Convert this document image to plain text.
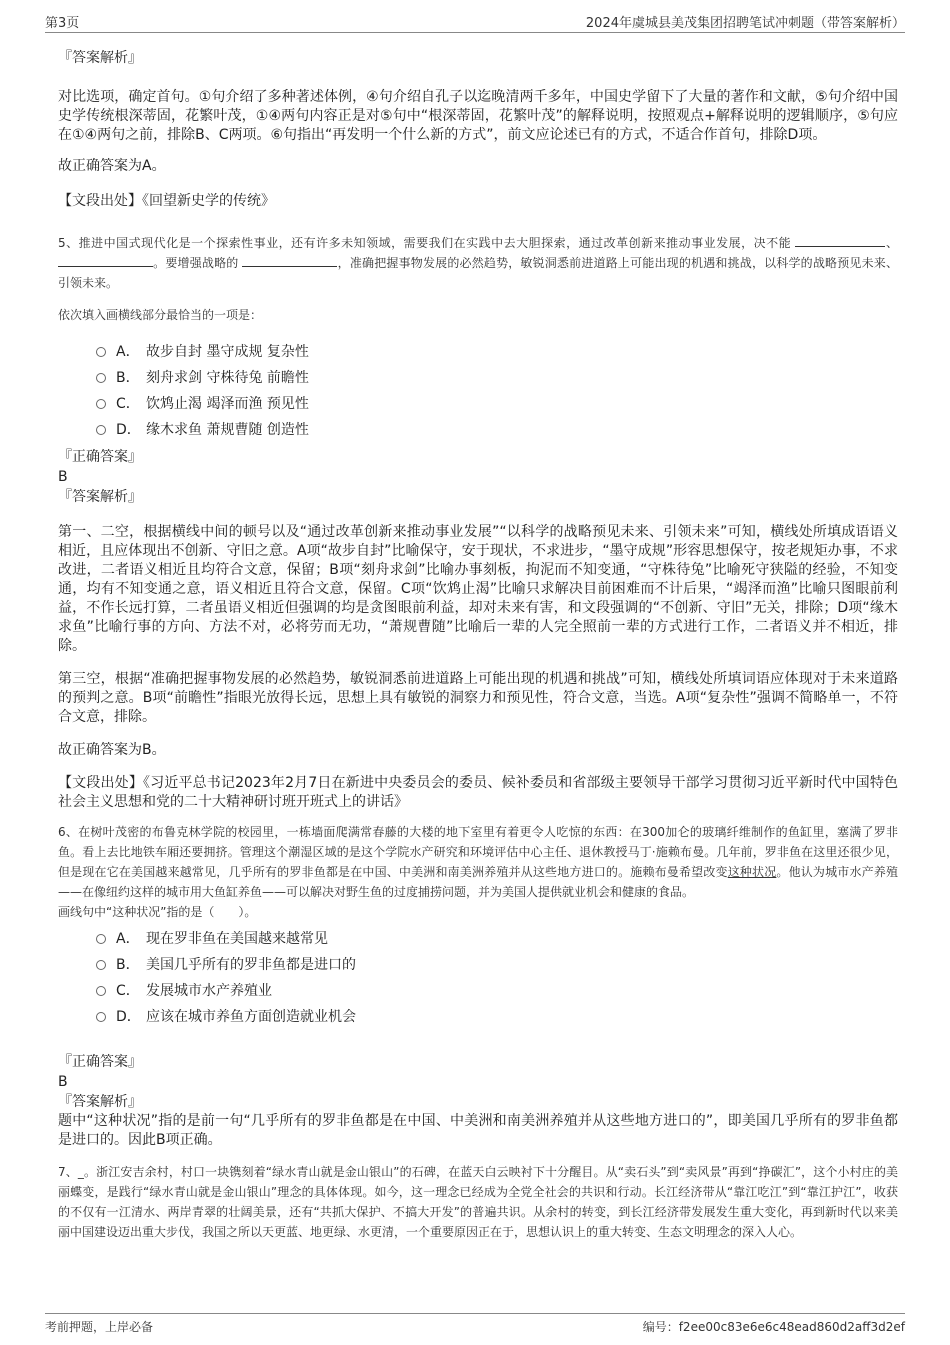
第3页	2024年虞城县美茂集团招聘笔试冲刺题（带答案解析）

『答案解析』

对比选项，确定首句。①句介绍了多种著述体例，④句介绍自孔子以迄晚清两千多年，中国史学留下了大量的著作和文献，⑤句介绍中国史学传统根深蒂固，花繁叶茂，①④两句内容正是对⑤句中“根深蒂固，花繁叶茂”的解释说明，按照观点+解释说明的逻辑顺序，⑤句应在①④两句之前，排除B、C两项。⑥句指出“再发明一个什么新的方式”，前文应论述已有的方式，不适合作首句，排除D项。

故正确答案为A。

【文段出处】《回望新史学的传统》

5、推进中国式现代化是一个探索性事业，还有许多未知领域，需要我们在实践中去大胆探索，通过改革创新来推动事业发展，决不能	、 。要增强战略的	，准确把握事物发展的必然趋势，敏锐洞悉前进道路上可能出现的机遇和挑战，以科学的战略预见未来、引领未来。

依次填入画横线部分最恰当的一项是：

A． 故步自封 墨守成规 复杂性
B． 刻舟求剑 守株待兔 前瞻性
C． 饮鸩止渴 竭泽而渔 预见性
D． 缘木求鱼 萧规曹随 创造性

『正确答案』

B

『答案解析』

第一、二空，根据横线中间的顿号以及“通过改革创新来推动事业发展”“以科学的战略预见未来、引领未来”可知，横线处所填成语语义相近，且应体现出不创新、守旧之意。A项“故步自封”比喻保守，安于现状，不求进步，“墨守成规”形容思想保守，按老规矩办事，不求改进，二者语义相近且均符合文意，保留；B项“刻舟求剑”比喻办事刻板，拘泥而不知变通，“守株待兔”比喻死守狭隘的经验，不知变通，均有不知变通之意，语义相近且符合文意，保留。C项“饮鸩止渴”比喻只求解决目前困难而不计后果，“竭泽而渔”比喻只图眼前利益，不作长远打算，二者虽语义相近但强调的均是贪图眼前利益，却对未来有害，和文段强调的“不创新、守旧”无关，排除；D项“缘木求鱼”比喻行事的方向、方法不对，必将劳而无功，“萧规曹随”比喻后一辈的人完全照前一辈的方式进行工作，二者语义并不相近，排除。

第三空，根据“准确把握事物发展的必然趋势，敏锐洞悉前进道路上可能出现的机遇和挑战”可知，横线处所填词语应体现对于未来道路的预判之意。B项“前瞻性”指眼光放得长远，思想上具有敏锐的洞察力和预见性，符合文意，当选。A项“复杂性”强调不简略单一，不符合文意，排除。

故正确答案为B。

【文段出处】《习近平总书记2023年2月7日在新进中央委员会的委员、候补委员和省部级主要领导干部学习贯彻习近平新时代中国特色社会主义思想和党的二十大精神研讨班开班式上的讲话》

6、在树叶茂密的布鲁克林学院的校园里，一栋墙面爬满常春藤的大楼的地下室里有着更令人吃惊的东西：在300加仑的玻璃纤维制作的鱼缸里，塞满了罗非鱼。看上去比地铁车厢还要拥挤。管理这个潮湿区域的是这个学院水产研究和环境评估中心主任、退休教授马丁·施赖布曼。几年前，罗非鱼在这里还很少见，但是现在它在美国越来越常见，几乎所有的罗非鱼都是在中国、中美洲和南美洲养殖并从这些地方进口的。施赖布曼希望改变这种状况。他认为城市水产养殖——在像纽约这样的城市用大鱼缸养鱼——可以解决对野生鱼的过度捕捞问题，并为美国人提供就业机会和健康的食品。

画线句中“这种状况”指的是（　　）。

A． 现在罗非鱼在美国越来越常见
B． 美国几乎所有的罗非鱼都是进口的
C． 发展城市水产养殖业
D． 应该在城市养鱼方面创造就业机会

『正确答案』

B

『答案解析』

题中“这种状况”指的是前一句“几乎所有的罗非鱼都是在中国、中美洲和南美洲养殖并从这些地方进口的”，即美国几乎所有的罗非鱼都是进口的。因此B项正确。

7、_。浙江安吉余村，村口一块镌刻着“绿水青山就是金山银山”的石碑，在蓝天白云映衬下十分醒目。从“卖石头”到“卖风景”再到“挣碳汇”，这个小村庄的美丽蝶变，是践行“绿水青山就是金山银山”理念的具体体现。如今，这一理念已经成为全党全社会的共识和行动。长江经济带从“靠江吃江”到“靠江护江”，收获的不仅有一江清水、两岸青翠的壮阔美景，还有“共抓大保护、不搞大开发”的普遍共识。从余村的转变，到长江经济带发展发生重大变化，再到新时代以来美丽中国建设迈出重大步伐，我国之所以天更蓝、地更绿、水更清，一个重要原因正在于，思想认识上的重大转变、生态文明理念的深入人心。

考前押题，上岸必备	编号：f2ee00c83e6e6c48ead860d2aff3d2ef
